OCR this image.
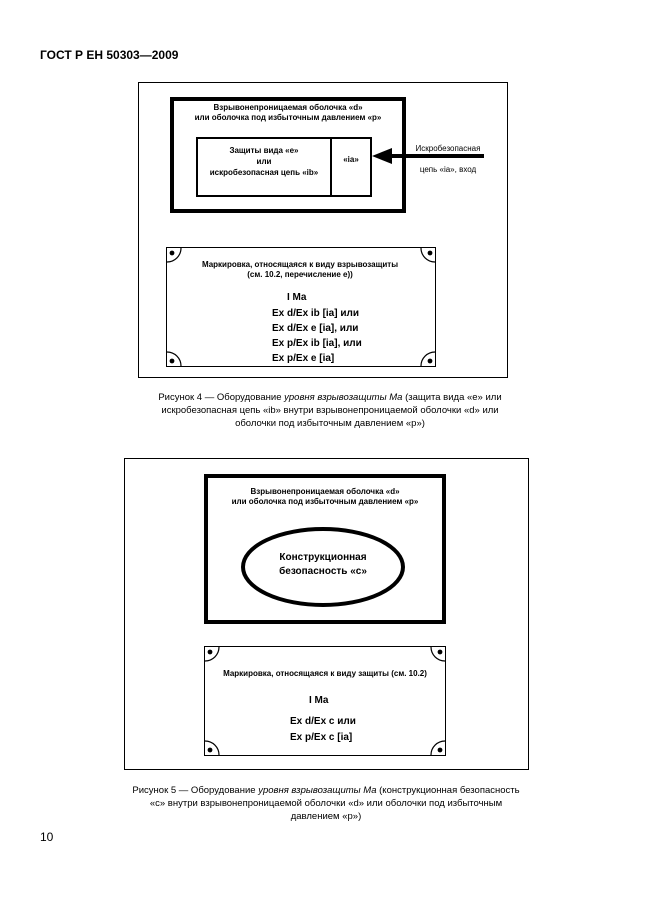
ГОСТ Р ЕН 50303—2009
Взрывонепроницаемая оболочка «d»
или оболочка под избыточным давлением «p»
Защиты вида «e»
или
искробезопасная цепь «ib»
«ia»
Искробезопасная
цепь «ia», вход
Маркировка, относящаяся к виду взрывозащиты
(см. 10.2, перечисление e))
I Ma
Ex d/Ex ib [ia] или
Ex d/Ex e [ia], или
Ex p/Ex ib [ia], или
Ex p/Ex e [ia]
Рисунок 4 — Оборудование уровня взрывозащиты Ma (защита вида «e» или
искробезопасная цепь «ib» внутри взрывонепроницаемой оболочки «d» или
оболочки под избыточным давлением «p»)
Взрывонепроницаемая оболочка «d»
или оболочка под избыточным давлением «p»
Конструкционная
безопасность «c»
Маркировка, относящаяся к виду защиты (см. 10.2)
I Ma
Ex d/Ex c или
Ex p/Ex c [ia]
Рисунок 5 — Оборудование уровня взрывозащиты Ma (конструкционная безопасность
«c» внутри взрывонепроницаемой оболочки «d» или оболочки под избыточным
давлением «p»)
10
